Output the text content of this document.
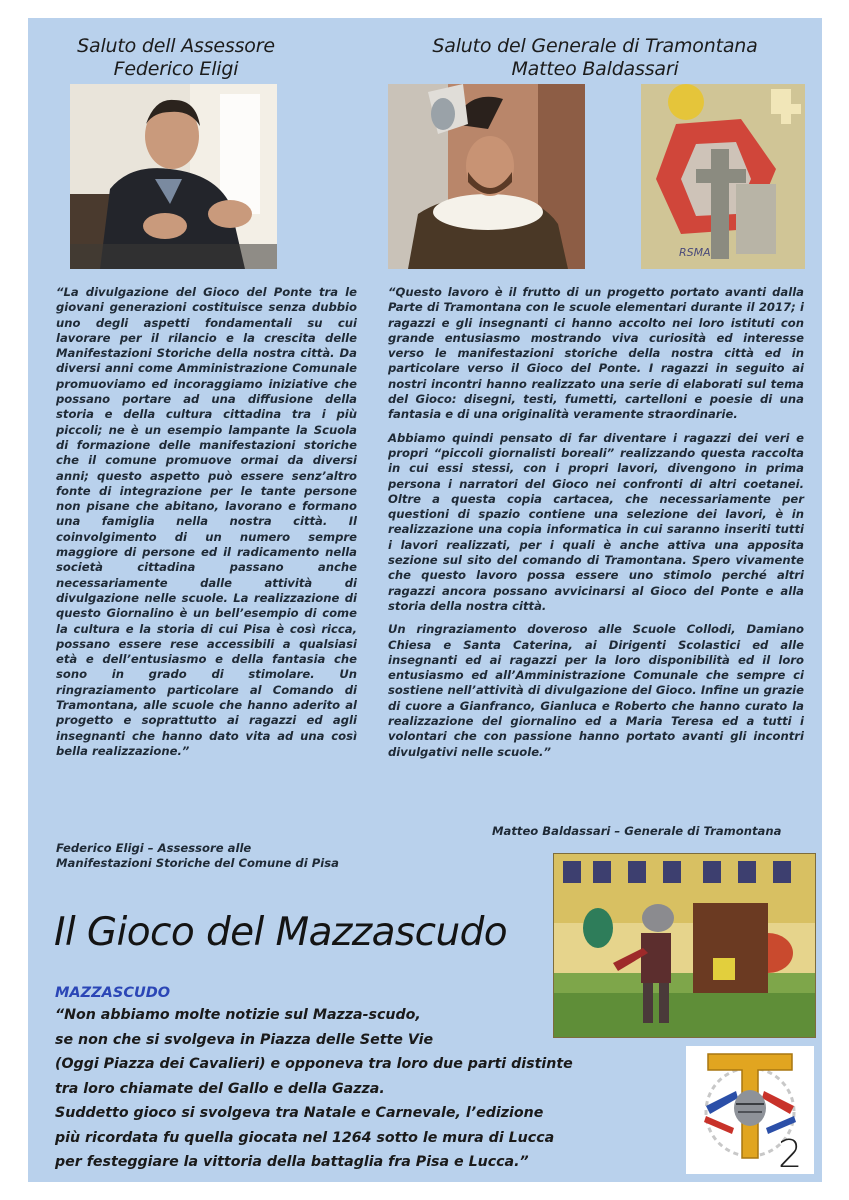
Saluto dell Assessore
Federico Eligi
Saluto del Generale di Tramontana
Matteo Baldassari
RSMA

“La divulgazione del Gioco del Ponte tra le giovani generazioni costituisce senza dubbio uno degli aspetti fondamentali su cui lavorare per il rilancio e la crescita delle Manifestazioni Storiche della nostra città. Da diversi anni come Amministrazione Comunale promuoviamo ed incoraggiamo iniziative che possano portare ad una diffusione della storia e della cultura cittadina tra i più piccoli; ne è un esempio lampante la Scuola di formazione delle manifestazioni storiche che il comune promuove ormai da diversi anni; questo aspetto può essere senz’altro fonte di integrazione per le tante persone non pisane che abitano, lavorano e formano una famiglia nella nostra città. Il coinvolgimento di un numero sempre maggiore di persone ed il radicamento nella società cittadina passano anche necessariamente dalle attività di divulgazione nelle scuole. La realizzazione di questo Giornalino è un bell’esempio di come la cultura e la storia di cui Pisa è così ricca, possano essere rese accessibili a qualsiasi età e dell’entusiasmo e della fantasia che sono in grado di stimolare. Un ringraziamento particolare al Comando di Tramontana, alle scuole che hanno aderito al progetto e soprattutto ai ragazzi ed agli insegnanti che hanno dato vita ad una così bella realizzazione.”

Federico Eligi – Assessore alle
Manifestazioni Storiche del Comune di Pisa

“Questo lavoro è il frutto di un progetto portato avanti dalla Parte di Tramontana con le scuole elementari durante il 2017; i ragazzi e gli insegnanti ci hanno accolto nei loro istituti con grande entusiasmo mostrando viva curiosità ed interesse verso le manifestazioni storiche della nostra città ed in particolare verso il Gioco del Ponte. I ragazzi in seguito ai nostri incontri hanno realizzato una serie di elaborati sul tema del Gioco: disegni, testi, fumetti, cartelloni e poesie di una fantasia e di una originalità veramente straordinarie.

Abbiamo quindi pensato di far diventare i ragazzi dei veri e propri “piccoli giornalisti boreali” realizzando questa raccolta in cui essi stessi, con i propri lavori, divengono in prima persona i narratori del Gioco nei confronti di altri coetanei. Oltre a questa copia cartacea, che necessariamente per questioni di spazio contiene una selezione dei lavori, è in realizzazione una copia informatica in cui saranno inseriti tutti i lavori realizzati, per i quali è anche attiva una apposita sezione sul sito del comando di Tramontana. Spero vivamente che questo lavoro possa essere uno stimolo perché altri ragazzi ancora possano avvicinarsi al Gioco del Ponte e alla storia della nostra città.

Un ringraziamento doveroso alle Scuole Collodi, Damiano Chiesa e Santa Caterina, ai Dirigenti Scolastici ed alle insegnanti ed ai ragazzi per la loro disponibilità ed il loro entusiasmo ed all’Amministrazione Comunale che sempre ci sostiene nell’attività di divulgazione del Gioco. Infine un grazie di cuore a Gianfranco, Gianluca e Roberto che hanno curato la realizzazione del giornalino ed a Maria Teresa ed a tutti i volontari che con passione hanno portato avanti gli incontri divulgativi nelle scuole.”

Matteo Baldassari – Generale di Tramontana
Il Gioco del Mazzascudo
MAZZASCUDO
“Non abbiamo molte notizie sul Mazza-scudo,
se non che si svolgeva in Piazza delle Sette Vie
(Oggi Piazza dei Cavalieri) e opponeva tra loro due parti distinte
tra loro chiamate del Gallo e della Gazza.
Suddetto gioco si svolgeva tra Natale e Carnevale, l’edizione
più ricordata fu quella giocata nel 1264 sotto le mura di Lucca
per festeggiare la vittoria della battaglia fra Pisa e Lucca.”	2
